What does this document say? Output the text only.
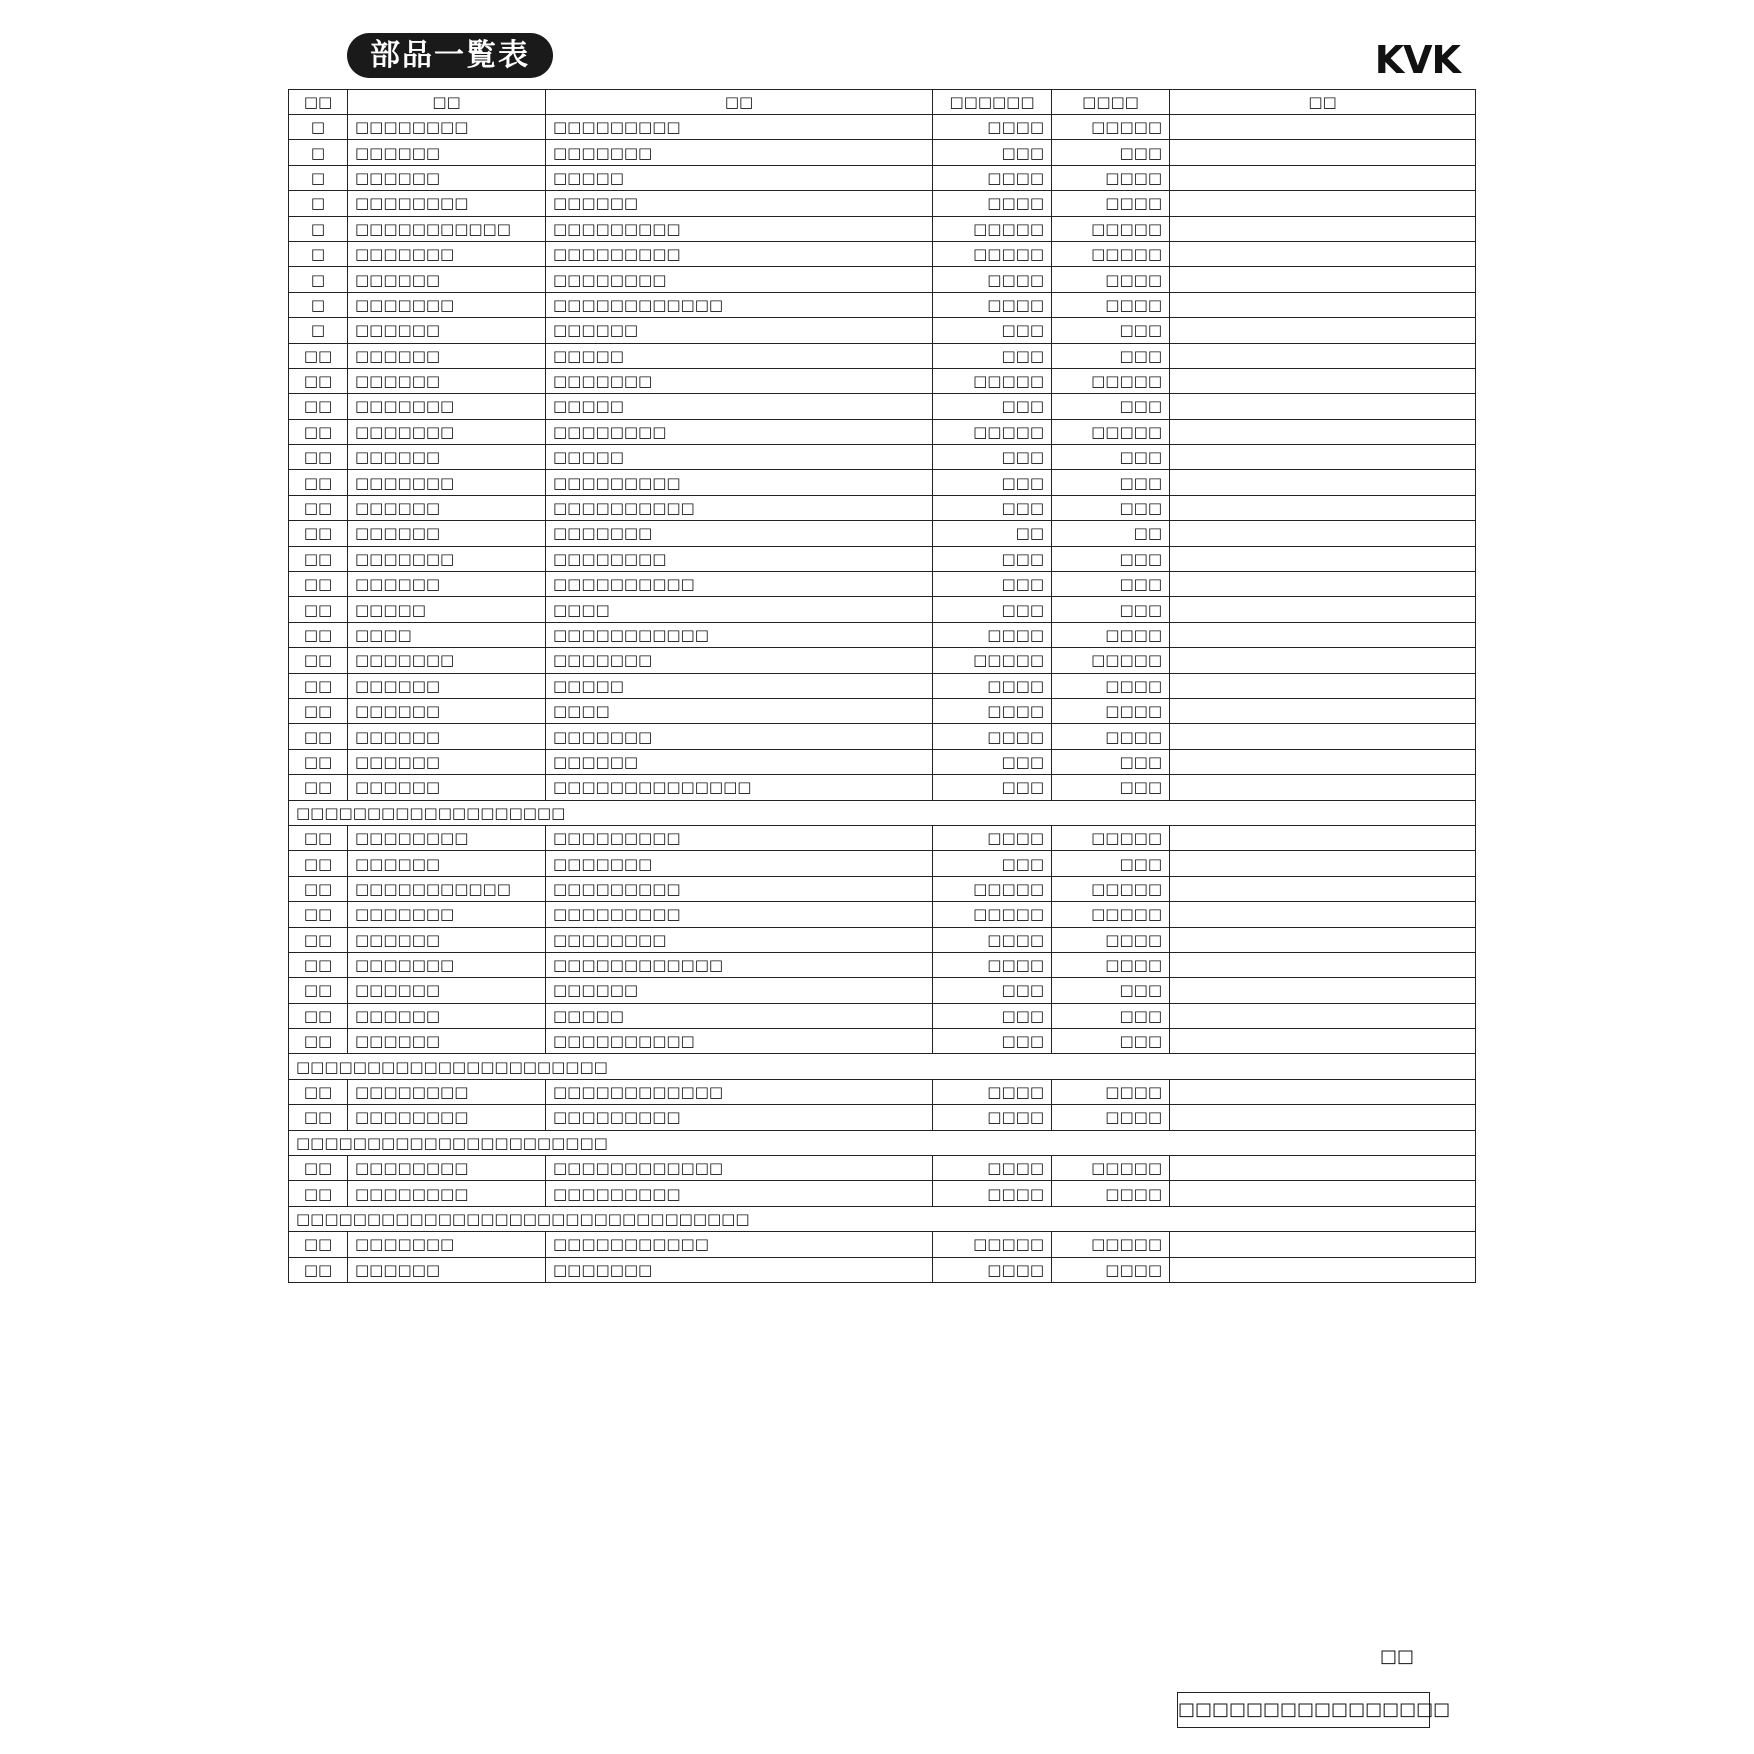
部品一覧表	KVK
□□	□□	□□	□□□□□□	□□□□	□□
□	□□□□□□□□	□□□□□□□□□	□□□□	□□□□□	
□	□□□□□□	□□□□□□□	□□□	□□□	
□	□□□□□□	□□□□□	□□□□	□□□□	
□	□□□□□□□□	□□□□□□	□□□□	□□□□	
□	□□□□□□□□□□□	□□□□□□□□□	□□□□□	□□□□□	
□	□□□□□□□	□□□□□□□□□	□□□□□	□□□□□	
□	□□□□□□	□□□□□□□□	□□□□	□□□□	
□	□□□□□□□	□□□□□□□□□□□□	□□□□	□□□□	
□	□□□□□□	□□□□□□	□□□	□□□	
□□	□□□□□□	□□□□□	□□□	□□□	
□□	□□□□□□	□□□□□□□	□□□□□	□□□□□	
□□	□□□□□□□	□□□□□	□□□	□□□	
□□	□□□□□□□	□□□□□□□□	□□□□□	□□□□□	
□□	□□□□□□	□□□□□	□□□	□□□	
□□	□□□□□□□	□□□□□□□□□	□□□	□□□	
□□	□□□□□□	□□□□□□□□□□	□□□	□□□	
□□	□□□□□□	□□□□□□□	□□	□□	
□□	□□□□□□□	□□□□□□□□	□□□	□□□	
□□	□□□□□□	□□□□□□□□□□	□□□	□□□	
□□	□□□□□	□□□□	□□□	□□□	
□□	□□□□	□□□□□□□□□□□	□□□□	□□□□	
□□	□□□□□□□	□□□□□□□	□□□□□	□□□□□	
□□	□□□□□□	□□□□□	□□□□	□□□□	
□□	□□□□□□	□□□□	□□□□	□□□□	
□□	□□□□□□	□□□□□□□	□□□□	□□□□	
□□	□□□□□□	□□□□□□	□□□	□□□	
□□	□□□□□□	□□□□□□□□□□□□□□	□□□	□□□	
□□□□□□□□□□□□□□□□□□□					
□□	□□□□□□□□	□□□□□□□□□	□□□□	□□□□□	
□□	□□□□□□	□□□□□□□	□□□	□□□	
□□	□□□□□□□□□□□	□□□□□□□□□	□□□□□	□□□□□	
□□	□□□□□□□	□□□□□□□□□	□□□□□	□□□□□	
□□	□□□□□□	□□□□□□□□	□□□□	□□□□	
□□	□□□□□□□	□□□□□□□□□□□□	□□□□	□□□□	
□□	□□□□□□	□□□□□□	□□□	□□□	
□□	□□□□□□	□□□□□	□□□	□□□	
□□	□□□□□□	□□□□□□□□□□	□□□	□□□	
□□□□□□□□□□□□□□□□□□□□□□					
□□	□□□□□□□□	□□□□□□□□□□□□	□□□□	□□□□	
□□	□□□□□□□□	□□□□□□□□□	□□□□	□□□□	
□□□□□□□□□□□□□□□□□□□□□□					
□□	□□□□□□□□	□□□□□□□□□□□□	□□□□	□□□□□	
□□	□□□□□□□□	□□□□□□□□□	□□□□	□□□□	
□□□□□□□□□□□□□□□□□□□□□□□□□□□□□□□□					
□□	□□□□□□□	□□□□□□□□□□□	□□□□□	□□□□□	
□□	□□□□□□	□□□□□□□	□□□□	□□□□	
□□
□□□□□□□□□□□□□□□□
